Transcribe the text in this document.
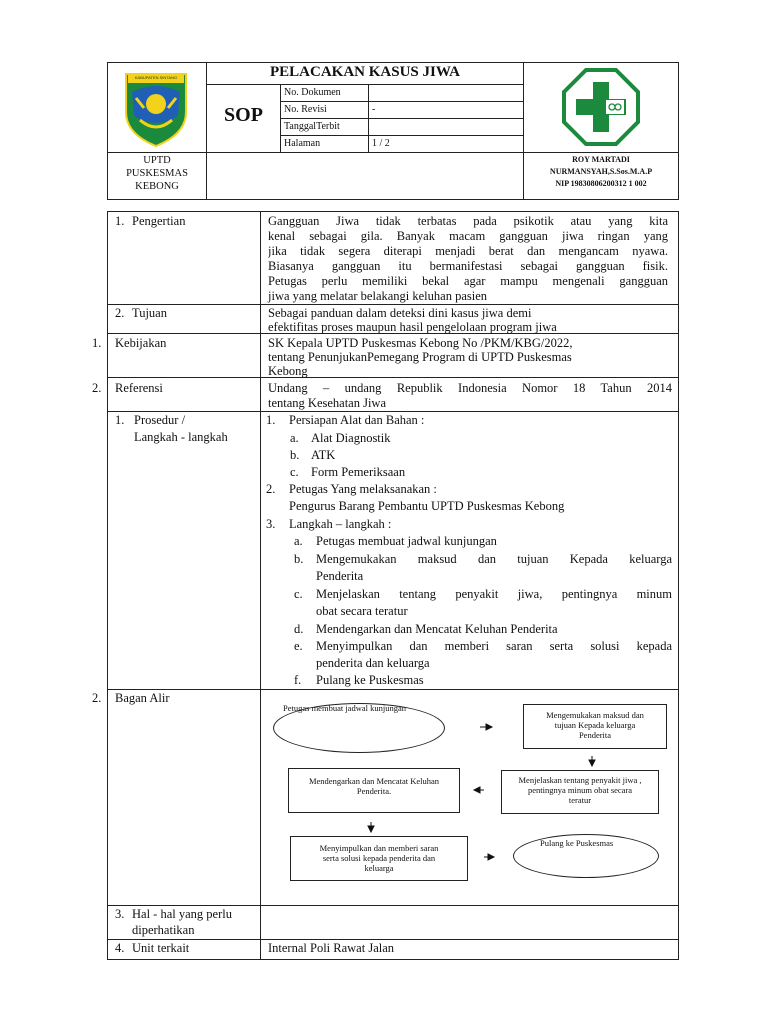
PELACAKAN KASUS JIWA
SOP
No. Dokumen
No. Revisi	-
TanggalTerbit
Halaman	1 / 2
KABUPATEN SINTANG
UPTD
PUSKESMAS
KEBONG
ROY MARTADI
NURMANSYAH,S.Sos.M.A.P
NIP 19830806200312 1 002
1. Pengertian	Gangguan Jiwa tidak terbatas pada psikotik atau yang kita
kenal sebagai gila. Banyak macam gangguan jiwa ringan yang
jika tidak segera diterapi menjadi berat dan mengancam nyawa.
Biasanya gangguan itu bermanifestasi sebagai gangguan fisik.
Petugas perlu memiliki bekal agar mampu mengenali gangguan
jiwa yang melatar belakangi keluhan pasien
2. Tujuan	Sebagai panduan dalam deteksi dini kasus jiwa demi
efektifitas proses maupun hasil pengelolaan program jiwa
1. Kebijakan	SK Kepala UPTD Puskesmas Kebong No /PKM/KBG/2022,
tentang PenunjukanPemegang Program di UPTD Puskesmas
Kebong
2. Referensi	Undang – undang Republik Indonesia Nomor 18 Tahun 2014
tentang Kesehatan Jiwa
1. Prosedur /
Langkah - langkah
1. Persiapan Alat dan Bahan :
a. Alat Diagnostik
b. ATK
c. Form Pemeriksaan
2. Petugas Yang melaksanakan :
Pengurus Barang Pembantu UPTD Puskesmas Kebong
3. Langkah – langkah :
a. Petugas membuat jadwal kunjungan
b. Mengemukakan maksud dan tujuan Kepada keluarga
Penderita
c. Menjelaskan tentang penyakit jiwa, pentingnya minum
obat secara teratur
d. Mendengarkan dan Mencatat Keluhan Penderita
e. Menyimpulkan dan memberi saran serta solusi kepada
penderita dan keluarga
f. Pulang ke Puskesmas
2. Bagan Alir
Petugas membuat jadwal kunjungan
Mengemukakan maksud dan
tujuan Kepada keluarga
Penderita
Menjelaskan tentang penyakit jiwa ,
pentingnya minum obat secara
teratur
Mendengarkan dan Mencatat Keluhan
Penderita.
Menyimpulkan dan memberi saran
serta solusi kepada penderita dan
keluarga
Pulang ke Puskesmas
3. Hal - hal yang perlu
diperhatikan
4. Unit terkait	Internal Poli Rawat Jalan
